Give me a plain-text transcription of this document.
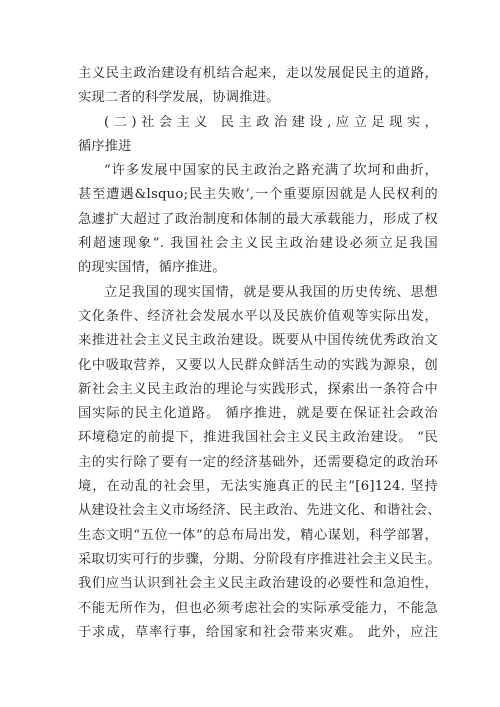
主义民主政治建设有机结合起来，走以发展促民主的道路，
实现二者的科学发展，协调推进。
(二)社会主义 民主政治建设,应立足现实，
循序推进
“许多发展中国家的民主政治之路充满了坎坷和曲折，
甚至遭遇&lsquo;民主失败’,一个重要原因就是人民权利的
急遽扩大超过了政治制度和体制的最大承载能力，形成了权
利超速现象”. 我国社会主义民主政治建设必须立足我国
的现实国情，循序推进。
立足我国的现实国情，就是要从我国的历史传统、思想
文化条件、经济社会发展水平以及民族价值观等实际出发，
来推进社会主义民主政治建设。既要从中国传统优秀政治文
化中吸取营养，又要以人民群众鲜活生动的实践为源泉，创
新社会主义民主政治的理论与实践形式，探索出一条符合中
国实际的民主化道路。 循序推进，就是要在保证社会政治
环境稳定的前提下，推进我国社会主义民主政治建设。 “民
主的实行除了要有一定的经济基础外，还需要稳定的政治环
境，在动乱的社会里，无法实施真正的民主”[6]124. 坚持
从建设社会主义市场经济、民主政治、先进文化、和谐社会、
生态文明“五位一体”的总布局出发，精心谋划，科学部署，
采取切实可行的步骤，分期、分阶段有序推进社会主义民主。
我们应当认识到社会主义民主政治建设的必要性和急迫性，
不能无所作为，但也必须考虑社会的实际承受能力，不能急
于求成，草率行事，给国家和社会带来灾难。 此外，应注
